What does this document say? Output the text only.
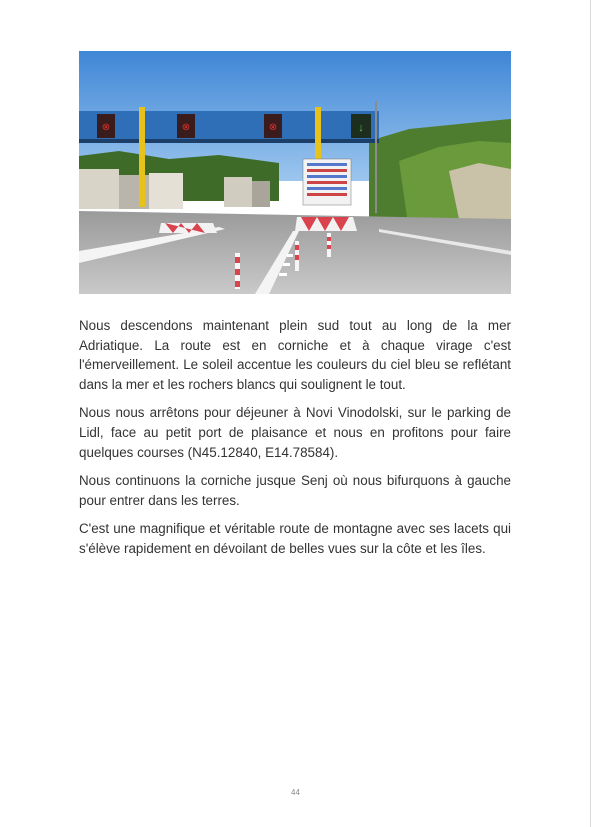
⊗	⊗	⊗	↓

Nous descendons maintenant plein sud tout au long de la mer Adriatique. La route est en corniche et à chaque virage c'est l'émerveillement. Le soleil accentue les couleurs du ciel bleu se reflétant dans la mer et les rochers blancs qui soulignent le tout.

Nous nous arrêtons pour déjeuner à Novi Vinodolski, sur le parking de Lidl, face au petit port de plaisance et nous en profitons pour faire quelques courses (N45.12840, E14.78584).

Nous continuons la corniche jusque Senj où nous bifurquons à gauche pour entrer dans les terres.

C'est une magnifique et véritable route de montagne avec ses lacets qui s'élève rapidement en dévoilant de belles vues sur la côte et les îles.

44
